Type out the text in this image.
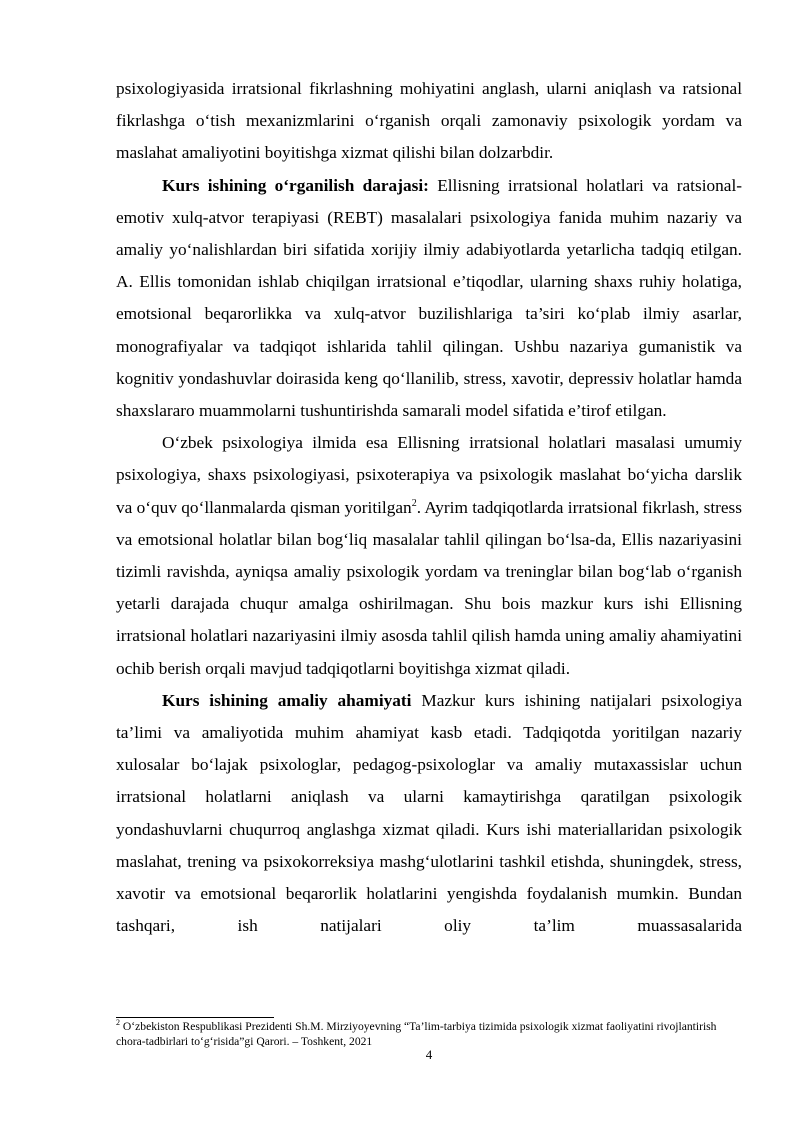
psixologiyasida irratsional fikrlashning mohiyatini anglash, ularni aniqlash va ratsional fikrlashga o‘tish mexanizmlarini o‘rganish orqali zamonaviy psixologik yordam va maslahat amaliyotini boyitishga xizmat qilishi bilan dolzarbdir.

Kurs ishining o‘rganilish darajasi: Ellisning irratsional holatlari va ratsional-emotiv xulq-atvor terapiyasi (REBT) masalalari psixologiya fanida muhim nazariy va amaliy yo‘nalishlardan biri sifatida xorijiy ilmiy adabiyotlarda yetarlicha tadqiq etilgan. A. Ellis tomonidan ishlab chiqilgan irratsional e’tiqodlar, ularning shaxs ruhiy holatiga, emotsional beqarorlikka va xulq-atvor buzilishlariga ta’siri ko‘plab ilmiy asarlar, monografiyalar va tadqiqot ishlarida tahlil qilingan. Ushbu nazariya gumanistik va kognitiv yondashuvlar doirasida keng qo‘llanilib, stress, xavotir, depressiv holatlar hamda shaxslararo muammolarni tushuntirishda samarali model sifatida e’tirof etilgan.

O‘zbek psixologiya ilmida esa Ellisning irratsional holatlari masalasi umumiy psixologiya, shaxs psixologiyasi, psixoterapiya va psixologik maslahat bo‘yicha darslik va o‘quv qo‘llanmalarda qisman yoritilgan$^2$. Ayrim tadqiqotlarda irratsional fikrlash, stress va emotsional holatlar bilan bog‘liq masalalar tahlil qilingan bo‘lsa-da, Ellis nazariyasini tizimli ravishda, ayniqsa amaliy psixologik yordam va treninglar bilan bog‘lab o‘rganish yetarli darajada chuqur amalga oshirilmagan. Shu bois mazkur kurs ishi Ellisning irratsional holatlari nazariyasini ilmiy asosda tahlil qilish hamda uning amaliy ahamiyatini ochib berish orqali mavjud tadqiqotlarni boyitishga xizmat qiladi.

Kurs ishining amaliy ahamiyati Mazkur kurs ishining natijalari psixologiya ta’limi va amaliyotida muhim ahamiyat kasb etadi. Tadqiqotda yoritilgan nazariy xulosalar bo‘lajak psixologlar, pedagog-psixologlar va amaliy mutaxassislar uchun irratsional holatlarni aniqlash va ularni kamaytirishga qaratilgan psixologik yondashuvlarni chuqurroq anglashga xizmat qiladi. Kurs ishi materiallaridan psixologik maslahat, trening va psixokorreksiya mashg‘ulotlarini tashkil etishda, shuningdek, stress, xavotir va emotsional beqarorlik holatlarini yengishda foydalanish mumkin. Bundan tashqari, ish natijalari oliy ta’lim muassasalarida

$^2$ O‘zbekiston Respublikasi Prezidenti Sh.M. Mirziyoyevning “Ta’lim-tarbiya tizimida psixologik xizmat faoliyatini rivojlantirish chora-tadbirlari to‘g‘risida”gi Qarori. – Toshkent, 2021

4
